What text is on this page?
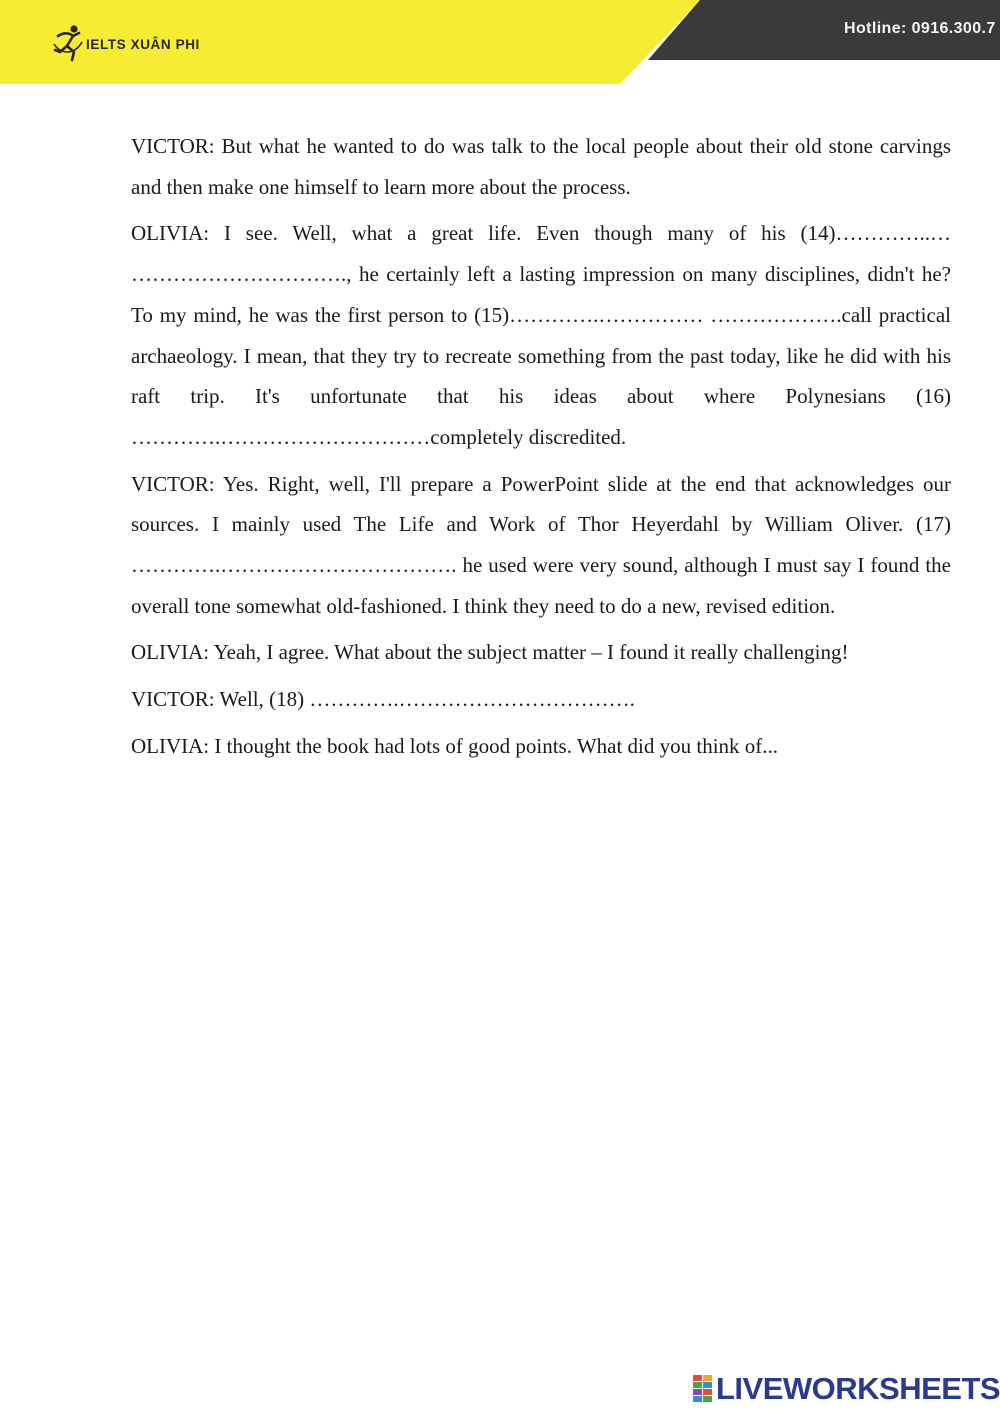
IELTS XUÂN PHI
Hotline: 0916.300.7

VICTOR: But what he wanted to do was talk to the local people about their old stone carvings and then make one himself to learn more about the process.

OLIVIA: I see. Well, what a great life. Even though many of his (14)…………..… …………………………., he certainly left a lasting impression on many disciplines, didn't he? To my mind, he was the first person to (15)………….…………… ……………….call practical archaeology. I mean, that they try to recreate something from the past today, like he did with his raft trip. It's unfortunate that his ideas about where Polynesians (16) ………….…………………………completely discredited.

VICTOR: Yes. Right, well, I'll prepare a PowerPoint slide at the end that acknowledges our sources. I mainly used The Life and Work of Thor Heyerdahl by William Oliver. (17) ………….……………………………. he used were very sound, although I must say I found the overall tone somewhat old-fashioned. I think they need to do a new, revised edition.

OLIVIA: Yeah, I agree. What about the subject matter – I found it really challenging!

VICTOR: Well, (18) ………….…………………………….

OLIVIA: I thought the book had lots of good points. What did you think of...

LIVEWORKSHEETS
